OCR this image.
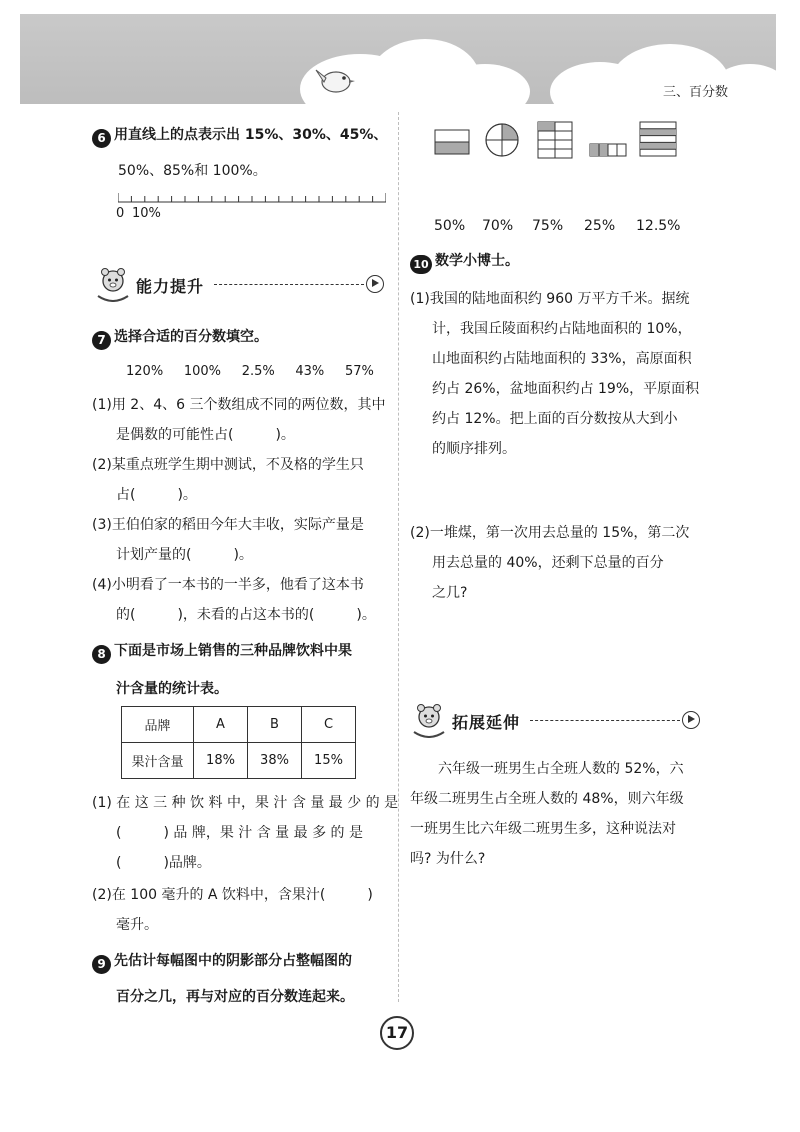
三、百分数
6 用直线上的点表示出 15%、30%、45%、
50%、85%和 100%。
0 10%
能力提升
7 选择合适的百分数填空。
120% 100% 2.5% 43% 57%
(1)用 2、4、6 三个数组成不同的两位数，其中
是偶数的可能性占(　　　)。
(2)某重点班学生期中测试，不及格的学生只
占(　　　)。
(3)王伯伯家的稻田今年大丰收，实际产量是
计划产量的(　　　)。
(4)小明看了一本书的一半多，他看了这本书
的(　　　)，未看的占这本书的(　　　)。
8 下面是市场上销售的三种品牌饮料中果
汁含量的统计表。
品牌	A	B	C
果汁含量	18%	38%	15%
(1) 在 这 三 种 饮 料 中，果 汁 含 量 最 少 的 是
(　　　) 品 牌，果 汁 含 量 最 多 的 是
(　　　)品牌。
(2)在 100 毫升的 A 饮料中，含果汁(　　　)
毫升。
9 先估计每幅图中的阴影部分占整幅图的
百分之几，再与对应的百分数连起来。
50% 70% 75% 25% 12.5%
10 数学小博士。
(1)我国的陆地面积约 960 万平方千米。据统
计，我国丘陵面积约占陆地面积的 10%，
山地面积约占陆地面积的 33%，高原面积
约占 26%，盆地面积约占 19%，平原面积
约占 12%。把上面的百分数按从大到小
的顺序排列。
(2)一堆煤，第一次用去总量的 15%，第二次
用去总量的 40%，还剩下总量的百分
之几?
拓展延伸
六年级一班男生占全班人数的 52%，六
年级二班男生占全班人数的 48%，则六年级
一班男生比六年级二班男生多，这种说法对
吗? 为什么?
17
